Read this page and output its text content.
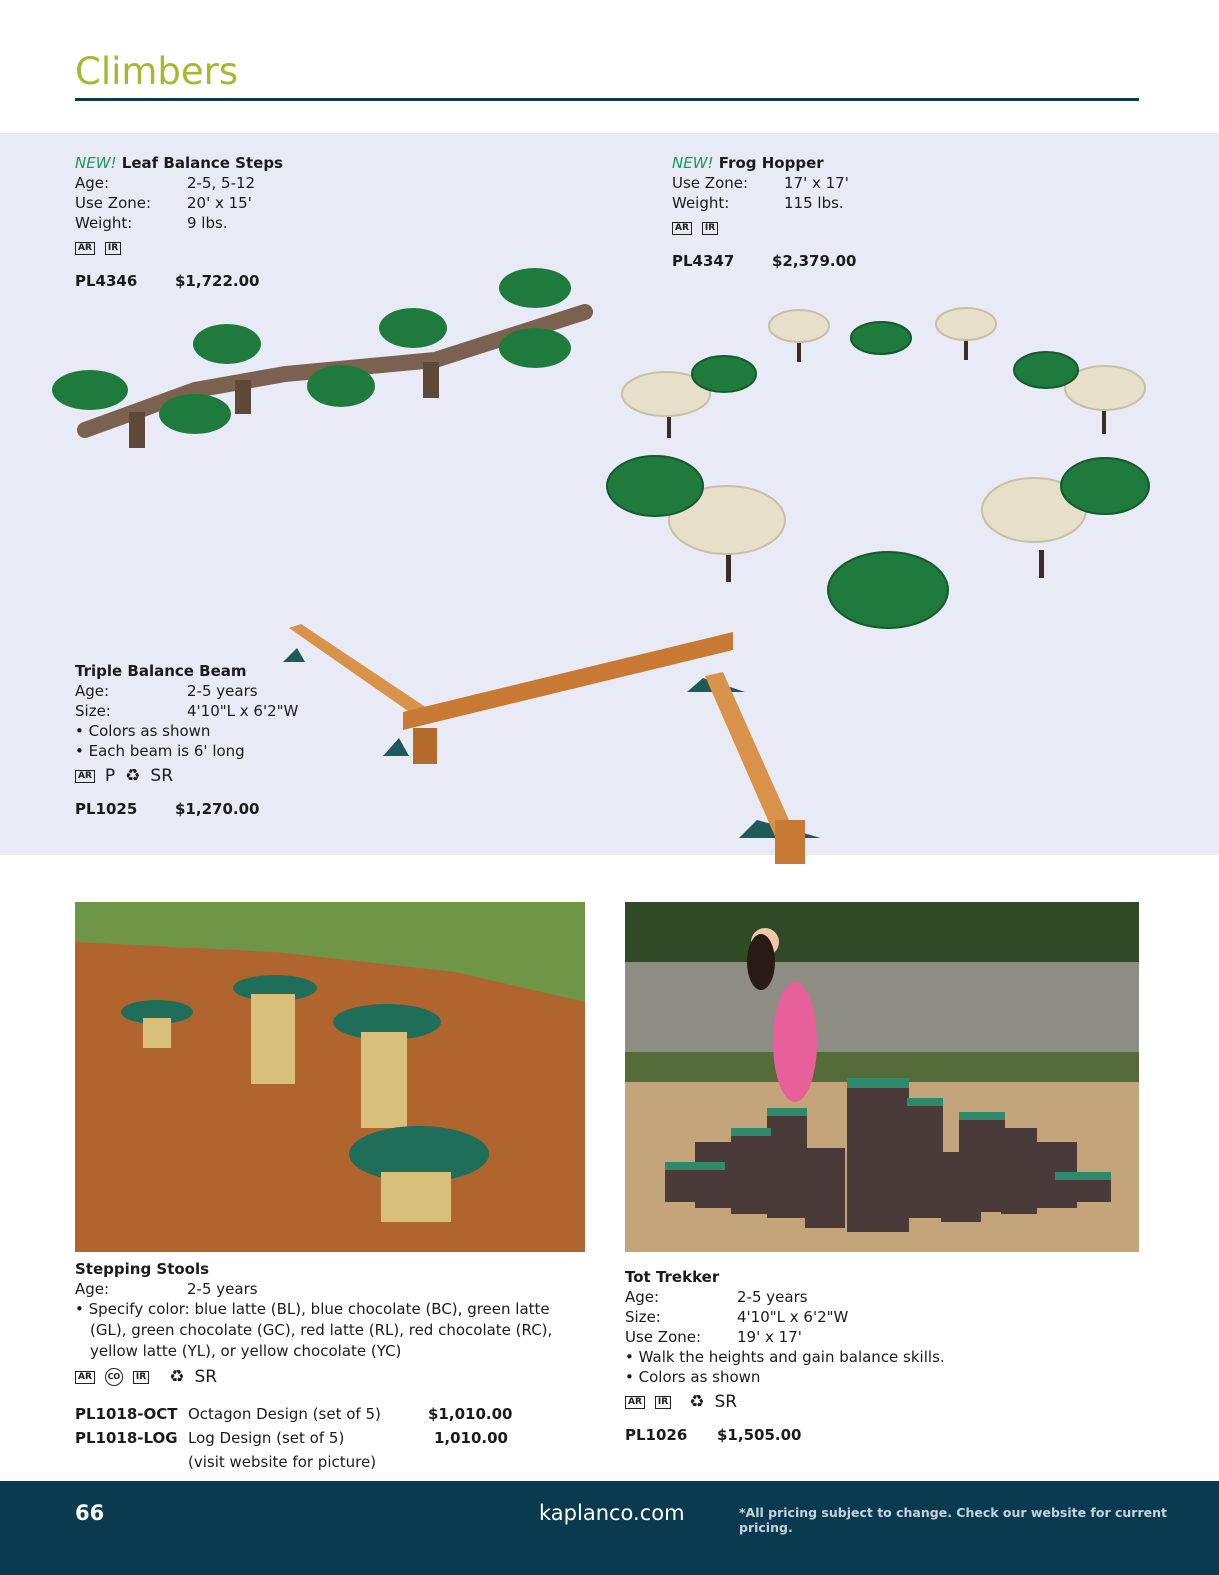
Climbers
NEW! Leaf Balance Steps
Age:	2-5, 5-12
Use Zone:	20' x 15'
Weight:	9 lbs.
AR	IR
PL4346	$1,722.00
NEW! Frog Hopper
Use Zone:	17' x 17'
Weight:	115 lbs.
AR	IR
PL4347	$2,379.00
Triple Balance Beam
Age:	2-5 years
Size:	4'10"L x 6'2"W
• Colors as shown
• Each beam is 6' long
AR P ♻ SR
PL1025	$1,270.00
Stepping Stools
Age:	2-5 years
• Specify color: blue latte (BL), blue chocolate (BC), green latte (GL), green chocolate (GC), red latte (RL), red chocolate (RC), yellow latte (YL), or yellow chocolate (YC)
AR	CO	IR ♻ SR
PL1018-OCT Octagon Design (set of 5)	$1,010.00
PL1018-LOG Log Design (set of 5)	1,010.00
(visit website for picture)
Tot Trekker
Age:	2-5 years
Size:	4'10"L x 6'2"W
Use Zone:	19' x 17'
• Walk the heights and gain balance skills.
• Colors as shown
AR	IR ♻ SR
PL1026	$1,505.00
66	kaplanco.com	*All pricing subject to change. Check our website for current pricing.
